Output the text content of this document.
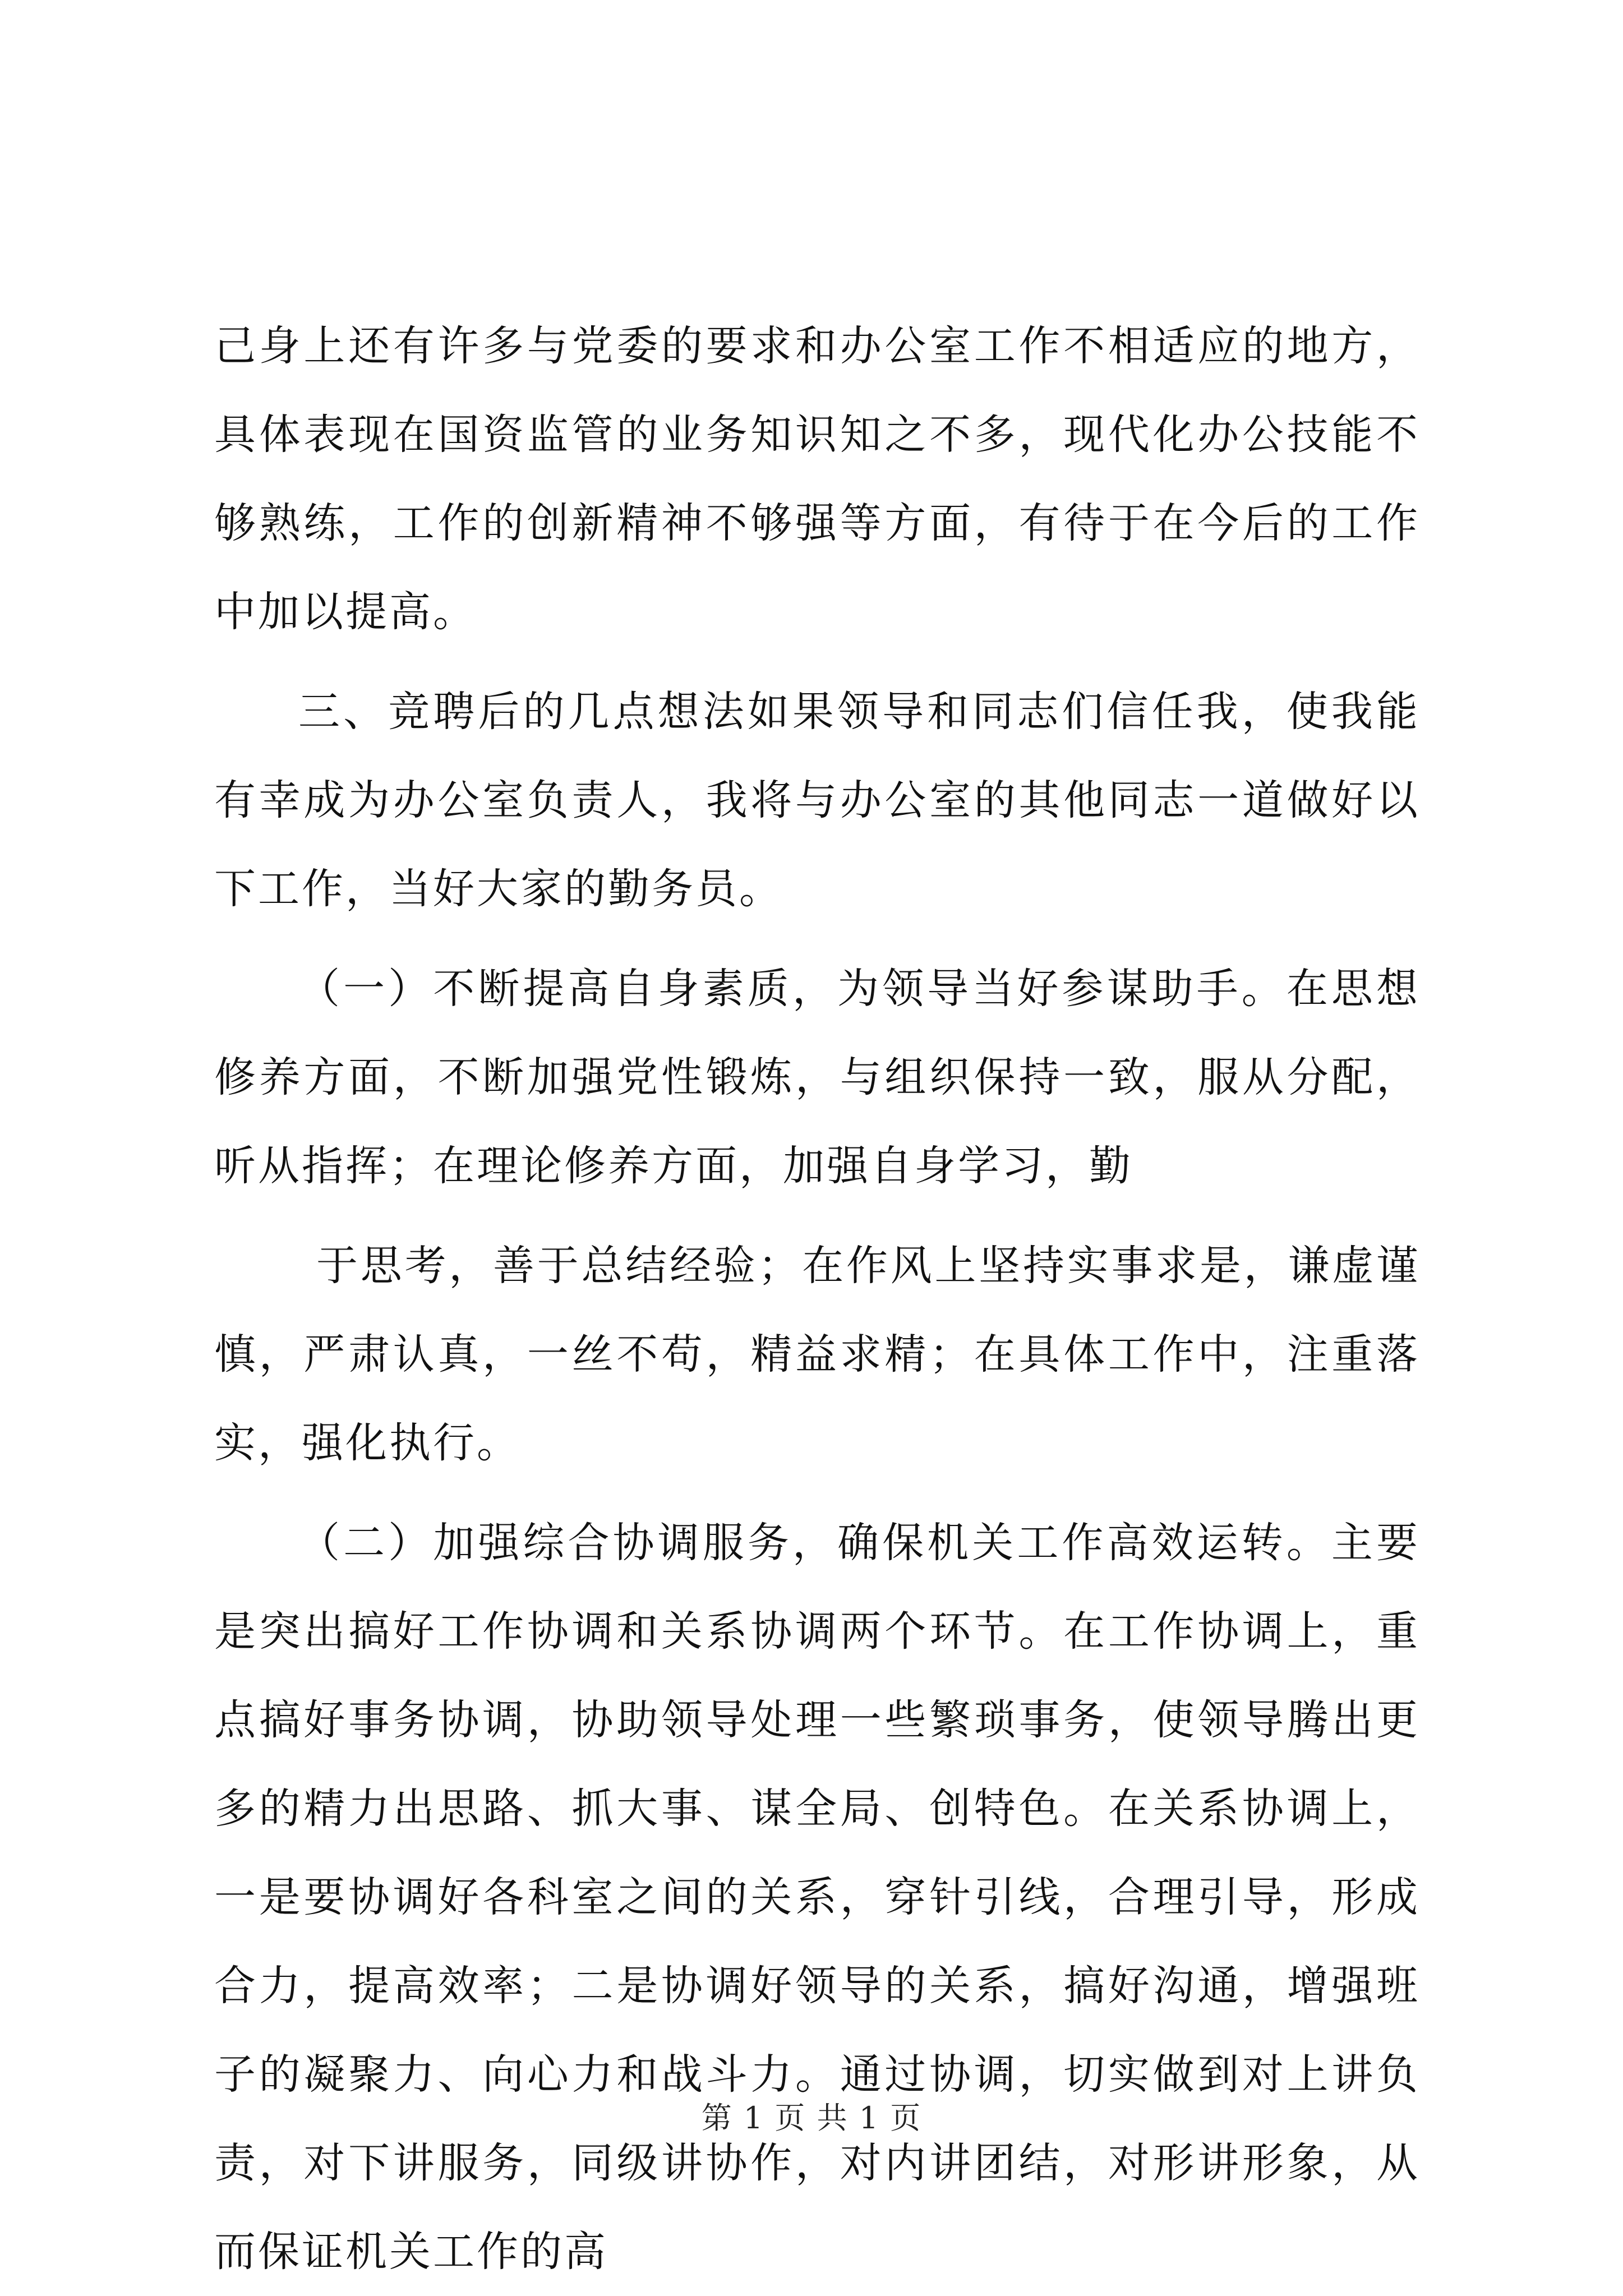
己身上还有许多与党委的要求和办公室工作不相适应的地方，具体表现在国资监管的业务知识知之不多，现代化办公技能不够熟练，工作的创新精神不够强等方面，有待于在今后的工作中加以提高。

三、竞聘后的几点想法如果领导和同志们信任我，使我能有幸成为办公室负责人，我将与办公室的其他同志一道做好以下工作，当好大家的勤务员。

（一）不断提高自身素质，为领导当好参谋助手。在思想修养方面，不断加强党性锻炼，与组织保持一致，服从分配，听从指挥；在理论修养方面，加强自身学习，勤

于思考，善于总结经验；在作风上坚持实事求是，谦虚谨慎，严肃认真，一丝不苟，精益求精；在具体工作中，注重落实，强化执行。

（二）加强综合协调服务，确保机关工作高效运转。主要是突出搞好工作协调和关系协调两个环节。在工作协调上，重点搞好事务协调，协助领导处理一些繁琐事务，使领导腾出更多的精力出思路、抓大事、谋全局、创特色。在关系协调上，一是要协调好各科室之间的关系，穿针引线，合理引导，形成合力，提高效率；二是协调好领导的关系，搞好沟通，增强班子的凝聚力、向心力和战斗力。通过协调，切实做到对上讲负责，对下讲服务，同级讲协作，对内讲团结，对形讲形象，从而保证机关工作的高

第 1 页 共 1 页
